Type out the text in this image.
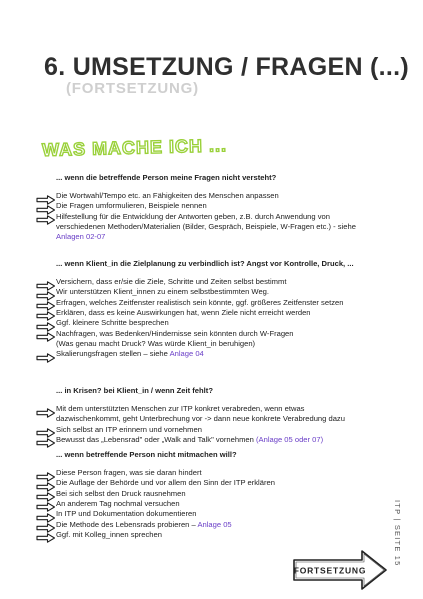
6. UMSETZUNG / FRAGEN (...)
(FORTSETZUNG)
WAS MACHE ICH ...
... wenn die betreffende Person meine Fragen nicht versteht?
Die Wortwahl/Tempo etc. an Fähigkeiten des Menschen anpassen
Die Fragen umformulieren, Beispiele nennen
Hilfestellung für die Entwicklung der Antworten geben, z.B. durch Anwendung von
verschiedenen Methoden/Materialien (Bilder, Gespräch, Beispiele, W-Fragen etc.) - siehe
Anlagen 02-07
... wenn Klient_in die Zielplanung zu verbindlich ist? Angst vor Kontrolle, Druck, ...
Versichern, dass er/sie die Ziele, Schritte und Zeiten selbst bestimmt
Wir unterstützen Klient_innen zu einem selbstbestimmten Weg.
Erfragen, welches Zeitfenster realistisch sein könnte, ggf. größeres Zeitfenster setzen
Erklären, dass es keine Auswirkungen hat, wenn Ziele nicht erreicht werden
Ggf. kleinere Schritte besprechen
Nachfragen, was Bedenken/Hindernisse sein könnten durch W-Fragen
(Was genau macht Druck? Was würde Klient_in beruhigen)
Skalierungsfragen stellen – siehe Anlage 04
... in Krisen? bei Klient_in / wenn Zeit fehlt?
Mit dem unterstützten Menschen zur ITP konkret verabreden, wenn etwas
dazwischenkommt, geht Unterbrechung vor -> dann neue konkrete Verabredung dazu
Sich selbst an ITP erinnern und vornehmen
Bewusst das „Lebensrad" oder „Walk and Talk" vornehmen (Anlage 05 oder 07)
... wenn betreffende Person nicht mitmachen will?
Diese Person fragen, was sie daran hindert
Die Auflage der Behörde und vor allem den Sinn der ITP erklären
Bei sich selbst den Druck rausnehmen
An anderem Tag nochmal versuchen
In ITP und Dokumentation dokumentieren
Die Methode des Lebensrads probieren – Anlage 05
Ggf. mit Kolleg_innen sprechen	ITP | SEITE 15
FORTSETZUNG
